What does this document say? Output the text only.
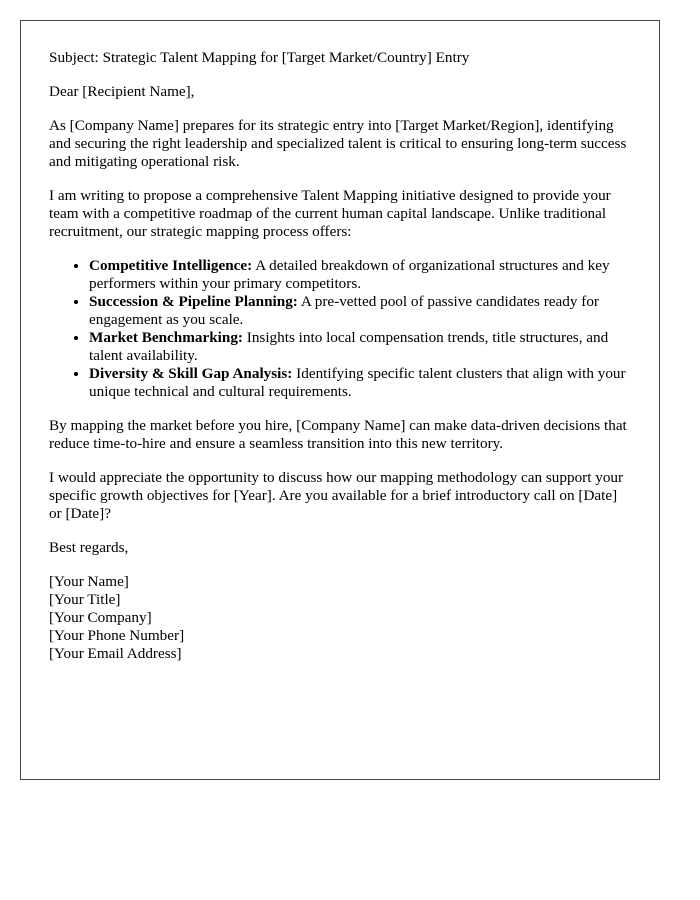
Subject: Strategic Talent Mapping for [Target Market/Country] Entry

Dear [Recipient Name],

As [Company Name] prepares for its strategic entry into [Target Market/Region], identifying and securing the right leadership and specialized talent is critical to ensuring long-term success and mitigating operational risk.

I am writing to propose a comprehensive Talent Mapping initiative designed to provide your team with a competitive roadmap of the current human capital landscape. Unlike traditional recruitment, our strategic mapping process offers:

• Competitive Intelligence: A detailed breakdown of organizational structures and key performers within your primary competitors.
• Succession & Pipeline Planning: A pre-vetted pool of passive candidates ready for engagement as you scale.
• Market Benchmarking: Insights into local compensation trends, title structures, and talent availability.
• Diversity & Skill Gap Analysis: Identifying specific talent clusters that align with your unique technical and cultural requirements.

By mapping the market before you hire, [Company Name] can make data-driven decisions that reduce time-to-hire and ensure a seamless transition into this new territory.

I would appreciate the opportunity to discuss how our mapping methodology can support your specific growth objectives for [Year]. Are you available for a brief introductory call on [Date] or [Date]?

Best regards,

[Your Name]
[Your Title]
[Your Company]
[Your Phone Number]
[Your Email Address]
